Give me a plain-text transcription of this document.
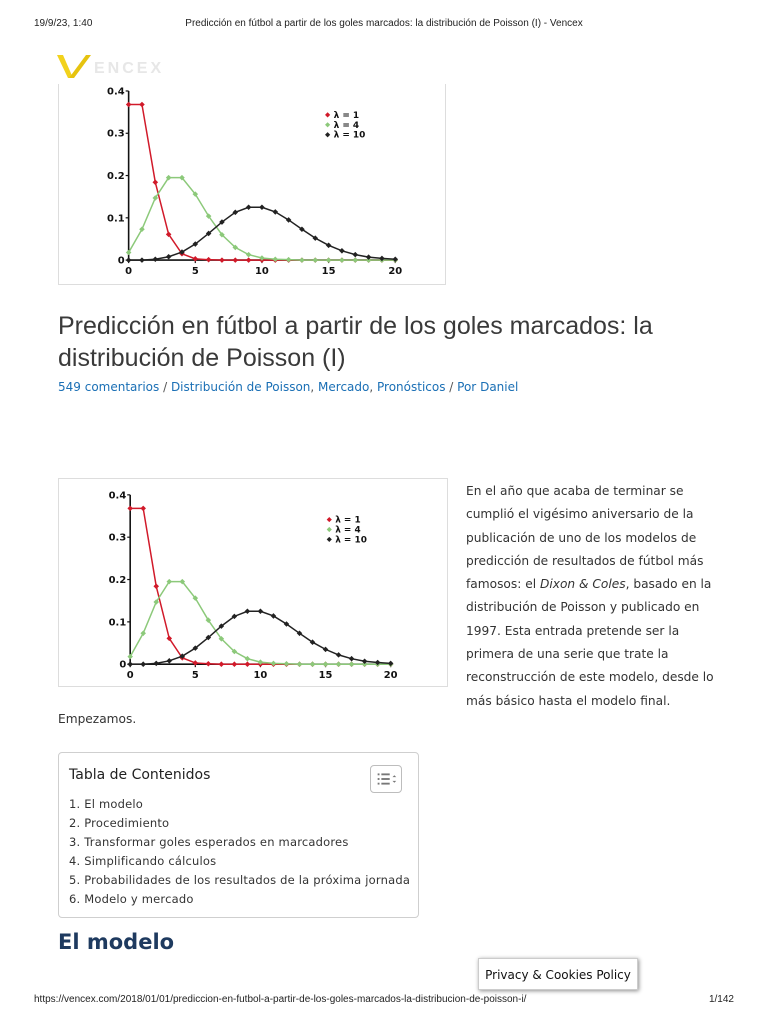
19/9/23, 1:40	Predicción en fútbol a partir de los goles marcados: la distribución de Poisson (I) - Vencex
ENCEX
0	5	10	15	20
0
0.1
0.2
0.3
0.4
λ = 1
λ = 4
λ = 10
Predicción en fútbol a partir de los goles marcados: la distribución de Poisson (I)
549 comentarios / Distribución de Poisson, Mercado, Pronósticos / Por Daniel
0	5	10	15	20
0
0.1
0.2
0.3
0.4
λ = 1
λ = 4
λ = 10

En el año que acaba de terminar se cumplió el vigésimo aniversario de la publicación de uno de los modelos de predicción de resultados de fútbol más famosos: el Dixon & Coles, basado en la distribución de Poisson y publicado en 1997. Esta entrada pretende ser la primera de una serie que trate la reconstrucción de este modelo, desde lo más básico hasta el modelo final.

Empezamos.

Tabla de Contenidos
1. El modelo
2. Procedimiento
3. Transformar goles esperados en marcadores
4. Simplificando cálculos
5. Probabilidades de los resultados de la próxima jornada
6. Modelo y mercado
El modelo
Privacy & Cookies Policy
https://vencex.com/2018/01/01/prediccion-en-futbol-a-partir-de-los-goles-marcados-la-distribucion-de-poisson-i/	1/142
